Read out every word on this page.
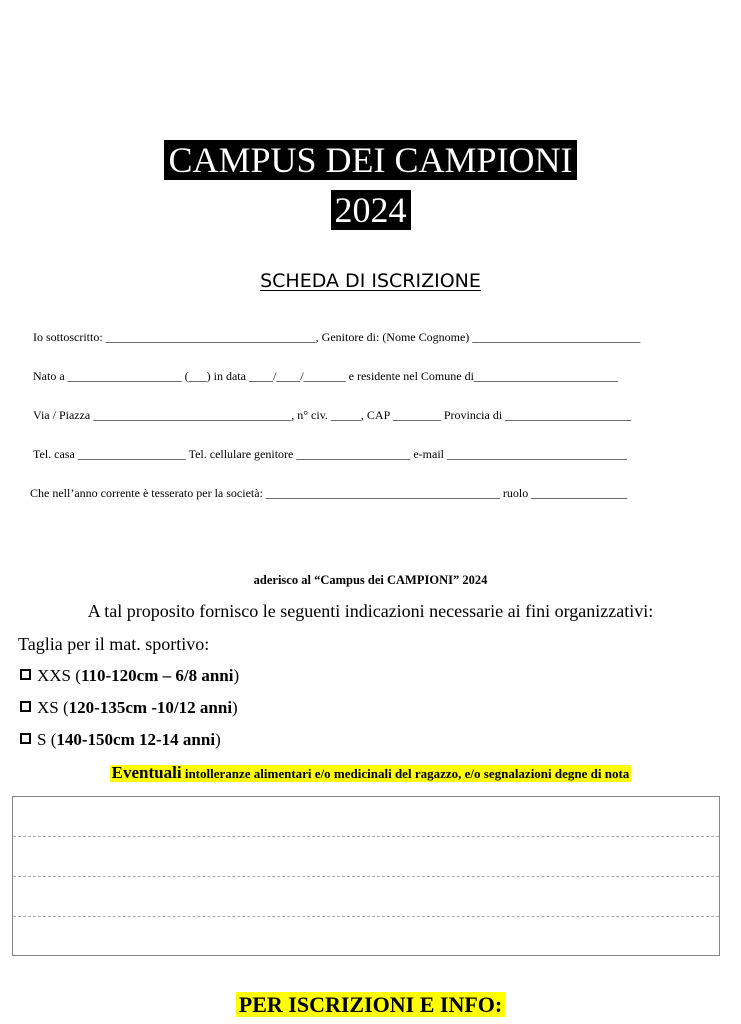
CAMPUS DEI CAMPIONI
2024
SCHEDA DI ISCRIZIONE
Io sottoscritto: ___________________________________, Genitore di: (Nome Cognome) ____________________________
Nato a ___________________ (___) in data ____/____/_______ e residente nel Comune di________________________
Via / Piazza _________________________________, n° civ. _____, CAP ________ Provincia di _____________________
Tel. casa __________________ Tel. cellulare genitore ___________________ e-mail ______________________________
Che nell’anno corrente è tesserato per la società: _______________________________________ ruolo ________________
aderisco al “Campus dei CAMPIONI” 2024
A tal proposito fornisco le seguenti indicazioni necessarie ai fini organizzativi:
Taglia per il mat. sportivo:
XXS (110-120cm – 6/8 anni)
XS (120-135cm -10/12 anni)
S (140-150cm 12-14 anni)
Eventuali intolleranze alimentari e/o medicinali del ragazzo, e/o segnalazioni degne di nota
PER ISCRIZIONI E INFO:
